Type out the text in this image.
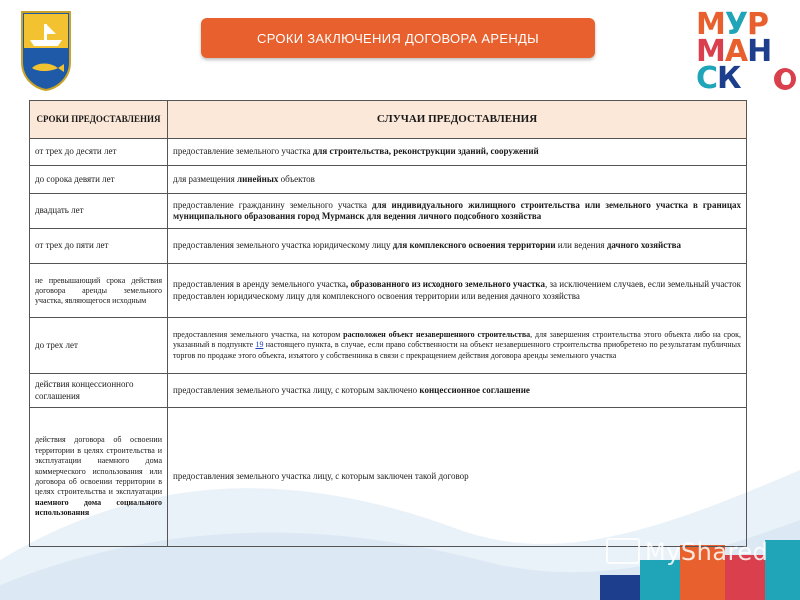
СРОКИ ЗАКЛЮЧЕНИЯ ДОГОВОРА АРЕНДЫ	МУР
МАН
СК
СРОКИ ПРЕДОСТАВЛЕНИЯ	СЛУЧАИ ПРЕДОСТАВЛЕНИЯ
от трех до десяти лет	предоставление земельного участка для строительства, реконструкции зданий, сооружений
до сорока девяти лет	для размещения линейных объектов
двадцать лет	предоставление гражданину земельного участка для индивидуального жилищного строительства или земельного участка в границах муниципального образования город Мурманск для ведения личного подсобного хозяйства
от трех до пяти лет	предоставления земельного участка юридическому лицу для комплексного освоения территории или ведения дачного хозяйства
не превышающий срока действия договора аренды земельного участка, являющегося исходным	предоставления в аренду земельного участка, образованного из исходного земельного участка, за исключением случаев, если земельный участок предоставлен юридическому лицу для комплексного освоения территории или ведения дачного хозяйства
до трех лет	предоставления земельного участка, на котором расположен объект незавершенного строительства, для завершения строительства этого объекта либо на срок, указанный в подпункте 19 настоящего пункта, в случае, если право собственности на объект незавершенного строительства приобретено по результатам публичных торгов по продаже этого объекта, изъятого у собственника в связи с прекращением действия договора аренды земельного участка
действия концессионного соглашения	предоставления земельного участка лицу, с которым заключено концессионное соглашение
действия договора об освоении территории в целях строительства и эксплуатации наемного дома коммерческого использования или договора об освоении территории в целях строительства и эксплуатации наемного дома социального использования	предоставления земельного участка лицу, с которым заключен такой договор
MyShared
